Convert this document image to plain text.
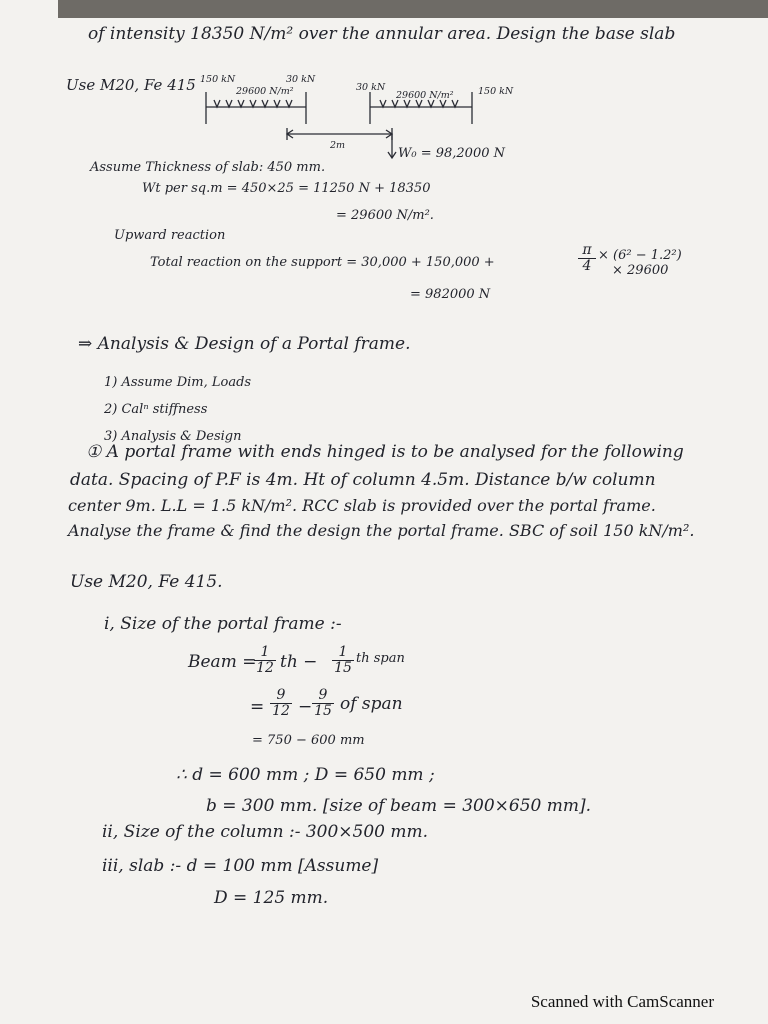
of intensity 18350 N/m² over the annular area. Design the base slab
Use M20, Fe 415 150 kN
29600 N/m²
30 kN
30 kN
29600 N/m²	150 kN
2m
W₀ = 98,2000 N
Assume Thickness of slab: 450 mm.
Wt per sq.m = 450×25 = 11250 N + 18350
= 29600 N/m².
Upward reaction
Total reaction on the support = 30,000 + 150,000 +	$\frac{\pi}{4} \times (6^2 - 1.2^2)$
× 29600
= 982000 N
⇒ Analysis & Design of a Portal frame.
1) Assume Dim, Loads
2) Calⁿ stiffness
3) Analysis & Design
① A portal frame with ends hinged is to be analysed for the following
data. Spacing of P.F is 4m. Ht of column 4.5m. Distance b/w column
center 9m. L.L = 1.5 kN/m². RCC slab is provided over the portal frame.
Analyse the frame & find the design the portal frame. SBC of soil 150 kN/m².
Use M20, Fe 415.
i, Size of the portal frame :-
Beam =
$\frac{1}{12}$ th − $\frac{1}{15}$ th span
= $\frac{9}{12} - \frac{9}{15}$ of span
= 750 − 600 mm
∴ d = 600 mm ; D = 650 mm ;
b = 300 mm. [size of beam = 300×650 mm].
ii, Size of the column :- 300×500 mm.
iii, slab :- d = 100 mm [Assume]
D = 125 mm.
Scanned with CamScanner
